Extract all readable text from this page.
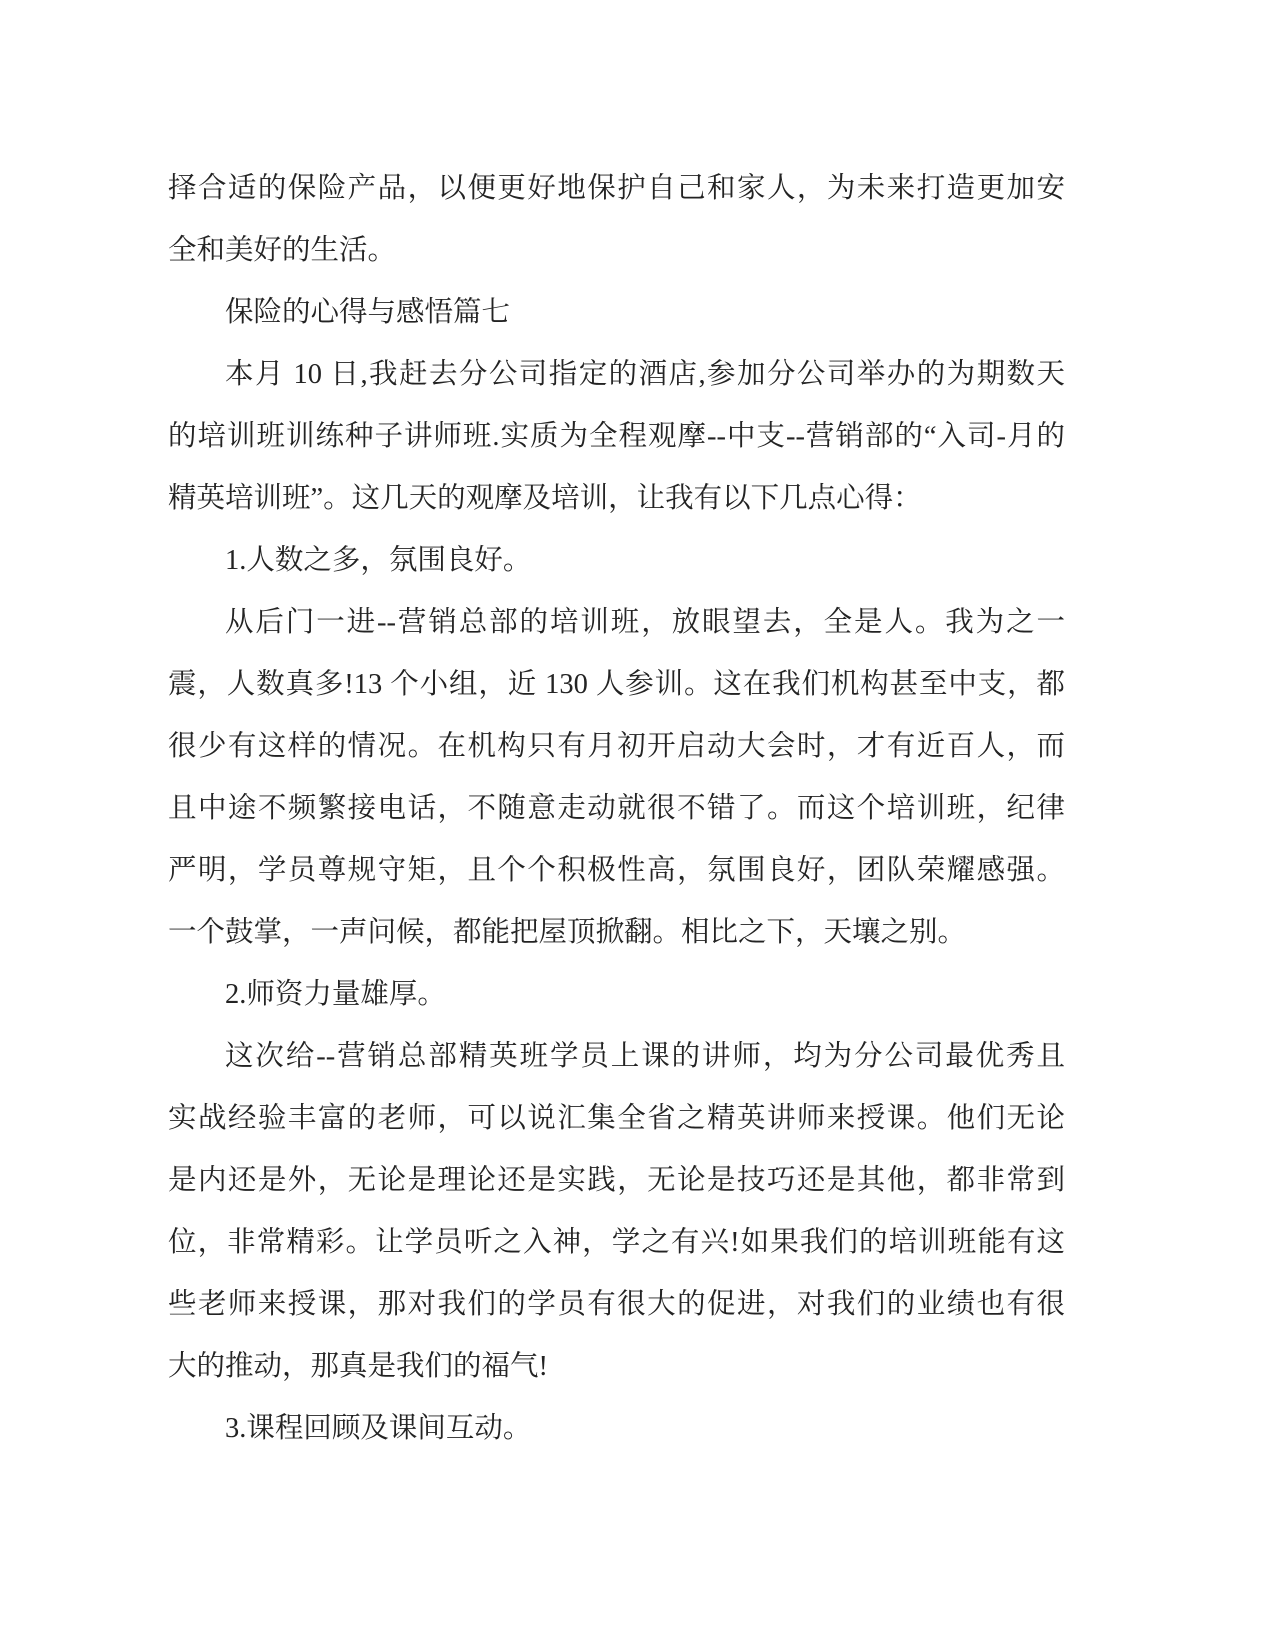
择合适的保险产品，以便更好地保护自己和家人，为未来打造更加安
全和美好的生活。
保险的心得与感悟篇七
本月 10 日,我赶去分公司指定的酒店,参加分公司举办的为期数天
的培训班训练种子讲师班.实质为全程观摩--中支--营销部的“入司-月的
精英培训班”。这几天的观摩及培训，让我有以下几点心得：
1.人数之多，氛围良好。
从后门一进--营销总部的培训班，放眼望去，全是人。我为之一
震，人数真多!13 个小组，近 130 人参训。这在我们机构甚至中支，都
很少有这样的情况。在机构只有月初开启动大会时，才有近百人，而
且中途不频繁接电话，不随意走动就很不错了。而这个培训班，纪律
严明，学员尊规守矩，且个个积极性高，氛围良好，团队荣耀感强。
一个鼓掌，一声问候，都能把屋顶掀翻。相比之下，天壤之别。
2.师资力量雄厚。
这次给--营销总部精英班学员上课的讲师，均为分公司最优秀且
实战经验丰富的老师，可以说汇集全省之精英讲师来授课。他们无论
是内还是外，无论是理论还是实践，无论是技巧还是其他，都非常到
位，非常精彩。让学员听之入神，学之有兴!如果我们的培训班能有这
些老师来授课，那对我们的学员有很大的促进，对我们的业绩也有很
大的推动，那真是我们的福气!
3.课程回顾及课间互动。
